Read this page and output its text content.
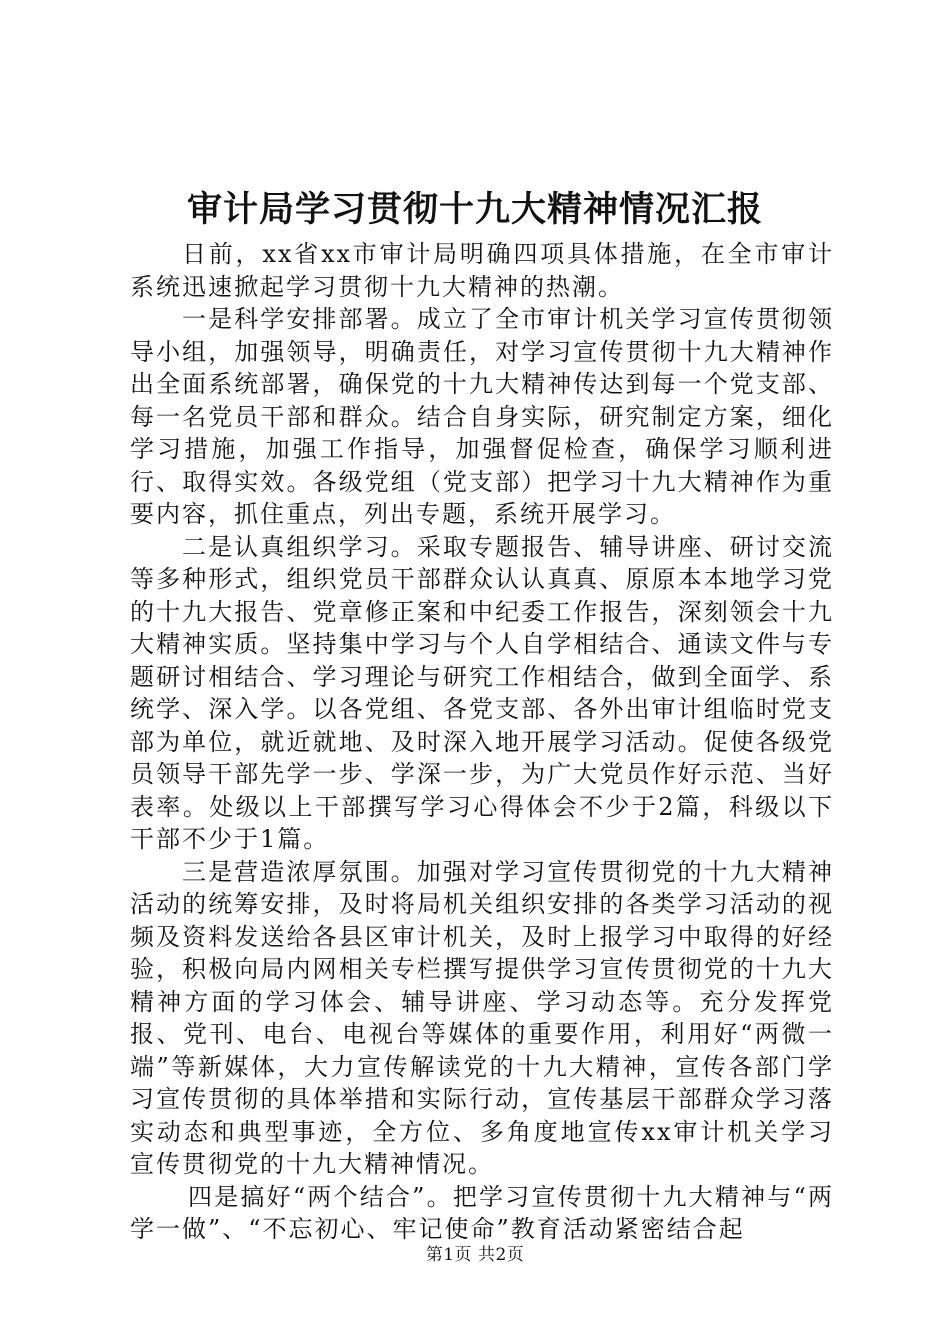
审计局学习贯彻十九大精神情况汇报

日前，xx省xx市审计局明确四项具体措施，在全市审计系统迅速掀起学习贯彻十九大精神的热潮。

一是科学安排部署。成立了全市审计机关学习宣传贯彻领导小组，加强领导，明确责任，对学习宣传贯彻十九大精神作出全面系统部署，确保党的十九大精神传达到每一个党支部、每一名党员干部和群众。结合自身实际，研究制定方案，细化学习措施，加强工作指导，加强督促检查，确保学习顺利进行、取得实效。各级党组（党支部）把学习十九大精神作为重要内容，抓住重点，列出专题，系统开展学习。

二是认真组织学习。采取专题报告、辅导讲座、研讨交流等多种形式，组织党员干部群众认认真真、原原本本地学习党的十九大报告、党章修正案和中纪委工作报告，深刻领会十九大精神实质。坚持集中学习与个人自学相结合、通读文件与专题研讨相结合、学习理论与研究工作相结合，做到全面学、系统学、深入学。以各党组、各党支部、各外出审计组临时党支部为单位，就近就地、及时深入地开展学习活动。促使各级党员领导干部先学一步、学深一步，为广大党员作好示范、当好表率。处级以上干部撰写学习心得体会不少于2篇，科级以下干部不少于1篇。

三是营造浓厚氛围。加强对学习宣传贯彻党的十九大精神活动的统筹安排，及时将局机关组织安排的各类学习活动的视频及资料发送给各县区审计机关，及时上报学习中取得的好经验，积极向局内网相关专栏撰写提供学习宣传贯彻党的十九大精神方面的学习体会、辅导讲座、学习动态等。充分发挥党报、党刊、电台、电视台等媒体的重要作用，利用好“两微一端”等新媒体，大力宣传解读党的十九大精神，宣传各部门学习宣传贯彻的具体举措和实际行动，宣传基层干部群众学习落实动态和典型事迹，全方位、多角度地宣传xx审计机关学习宣传贯彻党的十九大精神情况。

四是搞好“两个结合”。把学习宣传贯彻十九大精神与“两学一做”、“不忘初心、牢记使命”教育活动紧密结合起

第1页 共2页
